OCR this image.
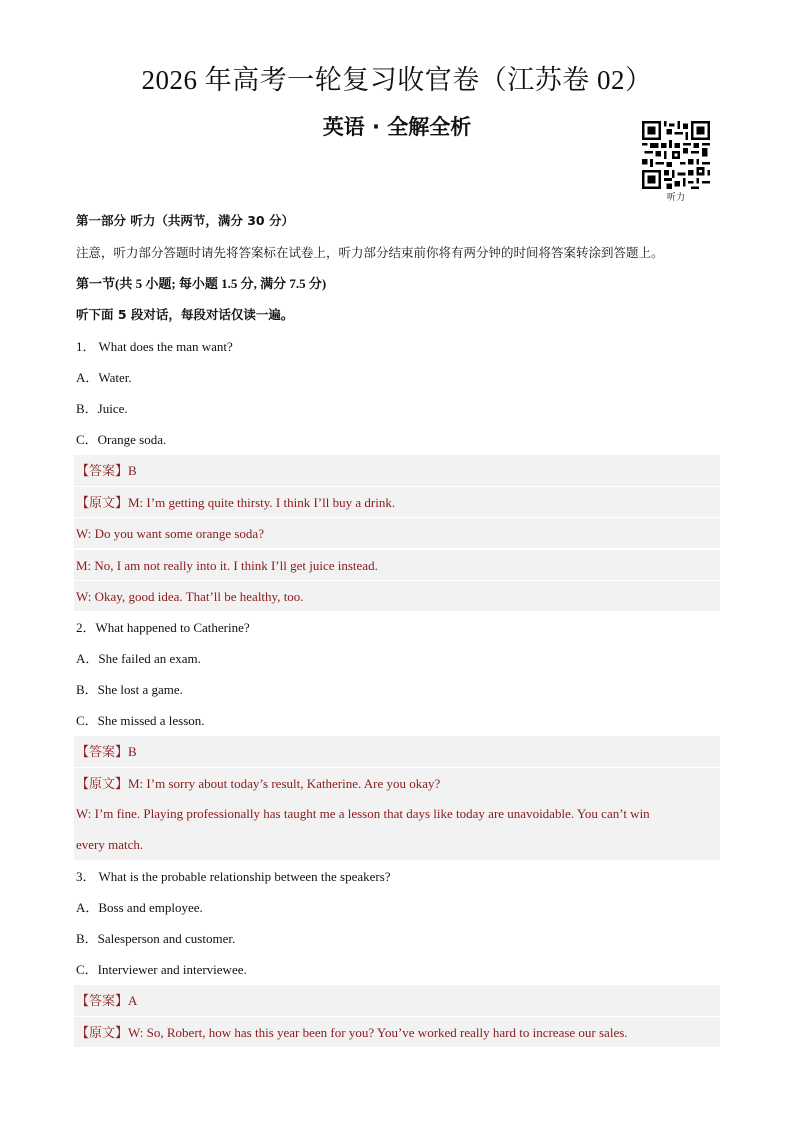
2026 年高考一轮复习收官卷（江苏卷 02）
英语 · 全解全析
听力
第一部分 听力（共两节，满分 30 分）
注意，听力部分答题时请先将答案标在试卷上，听力部分结束前你将有两分钟的时间将答案转涂到答题上。
第一节(共 5 小题; 每小题 1.5 分, 满分 7.5 分)
听下面 5 段对话，每段对话仅读一遍。
1． What does the man want?
A．Water.
B．Juice.
C．Orange soda.
【答案】B
【原文】M: I’m getting quite thirsty. I think I’ll buy a drink.
W: Do you want some orange soda?
M: No, I am not really into it. I think I’ll get juice instead.
W: Okay, good idea. That’ll be healthy, too.
2．What happened to Catherine?
A．She failed an exam.
B．She lost a game.
C．She missed a lesson.
【答案】B
【原文】M: I’m sorry about today’s result, Katherine. Are you okay?
W: I’m fine. Playing professionally has taught me a lesson that days like today are unavoidable. You can’t win
every match.
3． What is the probable relationship between the speakers?
A．Boss and employee.
B．Salesperson and customer.
C．Interviewer and interviewee.
【答案】A
【原文】W: So, Robert, how has this year been for you? You’ve worked really hard to increase our sales.
